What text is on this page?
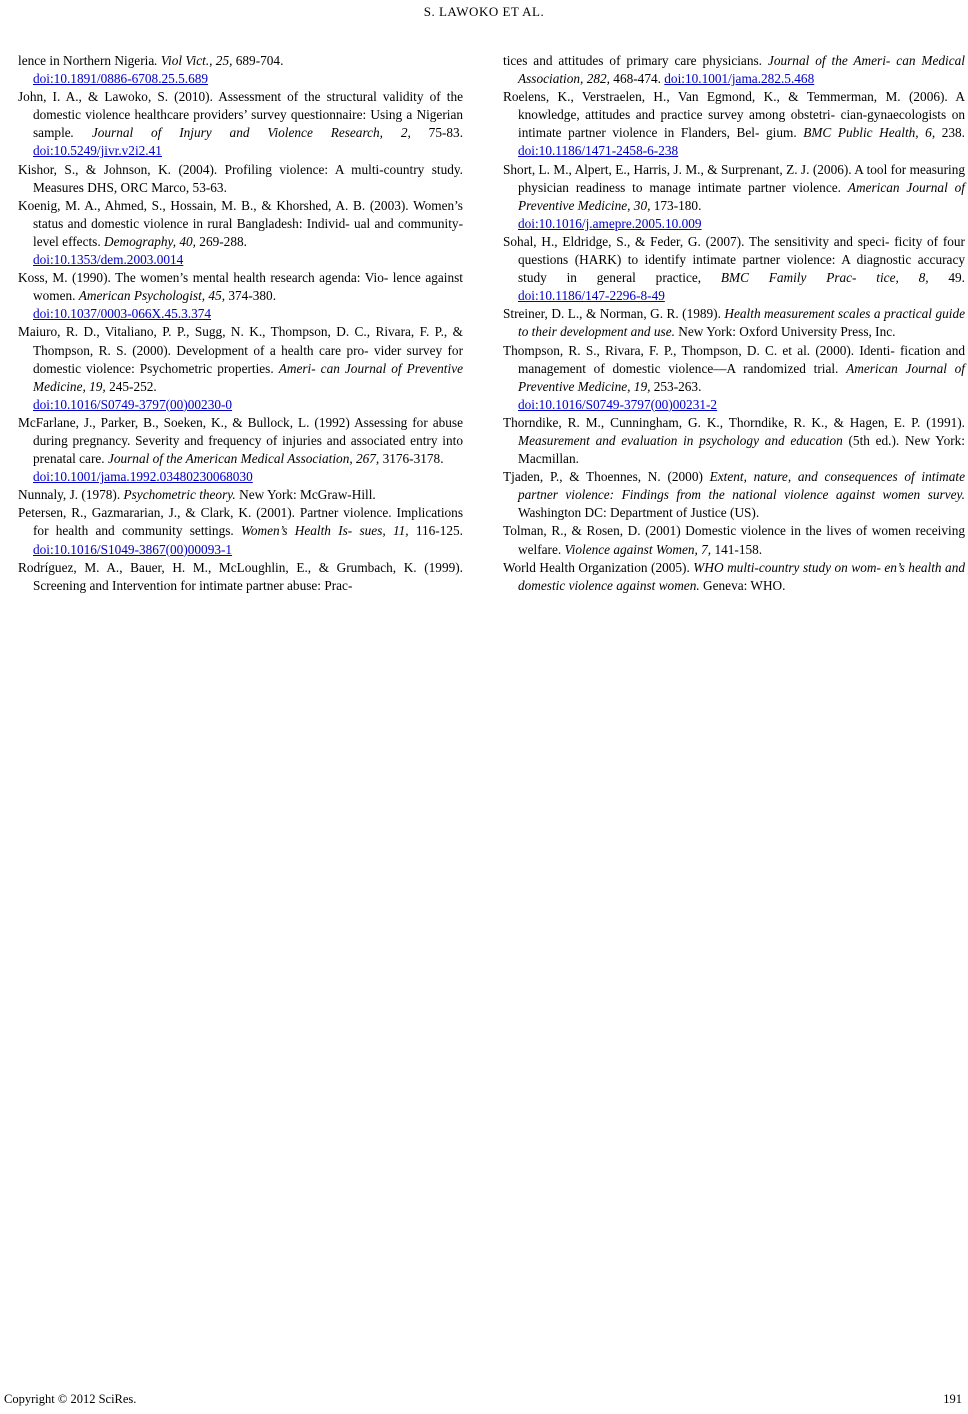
S. LAWOKO ET AL.

lence in Northern Nigeria. Viol Vict., 25, 689-704.
doi:10.1891/0886-6708.25.5.689

John, I. A., & Lawoko, S. (2010). Assessment of the structural validity of the domestic violence healthcare providers’ survey questionnaire: Using a Nigerian sample. Journal of Injury and Violence Research, 2, 75-83. doi:10.5249/jivr.v2i2.41

Kishor, S., & Johnson, K. (2004). Profiling violence: A multi-country study. Measures DHS, ORC Marco, 53-63.

Koenig, M. A., Ahmed, S., Hossain, M. B., & Khorshed, A. B. (2003). Women’s status and domestic violence in rural Bangladesh: Individ- ual and community-level effects. Demography, 40, 269-288.
doi:10.1353/dem.2003.0014

Koss, M. (1990). The women’s mental health research agenda: Vio- lence against women. American Psychologist, 45, 374-380.
doi:10.1037/0003-066X.45.3.374

Maiuro, R. D., Vitaliano, P. P., Sugg, N. K., Thompson, D. C., Rivara, F. P., & Thompson, R. S. (2000). Development of a health care pro- vider survey for domestic violence: Psychometric properties. Ameri- can Journal of Preventive Medicine, 19, 245-252.
doi:10.1016/S0749-3797(00)00230-0

McFarlane, J., Parker, B., Soeken, K., & Bullock, L. (1992) Assessing for abuse during pregnancy. Severity and frequency of injuries and associated entry into prenatal care. Journal of the American Medical Association, 267, 3176-3178.
doi:10.1001/jama.1992.03480230068030

Nunnaly, J. (1978). Psychometric theory. New York: McGraw-Hill.

Petersen, R., Gazmararian, J., & Clark, K. (2001). Partner violence. Implications for health and community settings. Women’s Health Is- sues, 11, 116-125. doi:10.1016/S1049-3867(00)00093-1

Rodríguez, M. A., Bauer, H. M., McLoughlin, E., & Grumbach, K. (1999). Screening and Intervention for intimate partner abuse: Prac-

tices and attitudes of primary care physicians. Journal of the Ameri- can Medical Association, 282, 468-474. doi:10.1001/jama.282.5.468

Roelens, K., Verstraelen, H., Van Egmond, K., & Temmerman, M. (2006). A knowledge, attitudes and practice survey among obstetri- cian-gynaecologists on intimate partner violence in Flanders, Bel- gium. BMC Public Health, 6, 238. doi:10.1186/1471-2458-6-238

Short, L. M., Alpert, E., Harris, J. M., & Surprenant, Z. J. (2006). A tool for measuring physician readiness to manage intimate partner violence. American Journal of Preventive Medicine, 30, 173-180.
doi:10.1016/j.amepre.2005.10.009

Sohal, H., Eldridge, S., & Feder, G. (2007). The sensitivity and speci- ficity of four questions (HARK) to identify intimate partner violence: A diagnostic accuracy study in general practice, BMC Family Prac- tice, 8, 49. doi:10.1186/147-2296-8-49

Streiner, D. L., & Norman, G. R. (1989). Health measurement scales a practical guide to their development and use. New York: Oxford University Press, Inc.

Thompson, R. S., Rivara, F. P., Thompson, D. C. et al. (2000). Identi- fication and management of domestic violence—A randomized trial. American Journal of Preventive Medicine, 19, 253-263.
doi:10.1016/S0749-3797(00)00231-2

Thorndike, R. M., Cunningham, G. K., Thorndike, R. K., & Hagen, E. P. (1991). Measurement and evaluation in psychology and education (5th ed.). New York: Macmillan.

Tjaden, P., & Thoennes, N. (2000) Extent, nature, and consequences of intimate partner violence: Findings from the national violence against women survey. Washington DC: Department of Justice (US).

Tolman, R., & Rosen, D. (2001) Domestic violence in the lives of women receiving welfare. Violence against Women, 7, 141-158.

World Health Organization (2005). WHO multi-country study on wom- en’s health and domestic violence against women. Geneva: WHO.

Copyright © 2012 SciRes.	191
